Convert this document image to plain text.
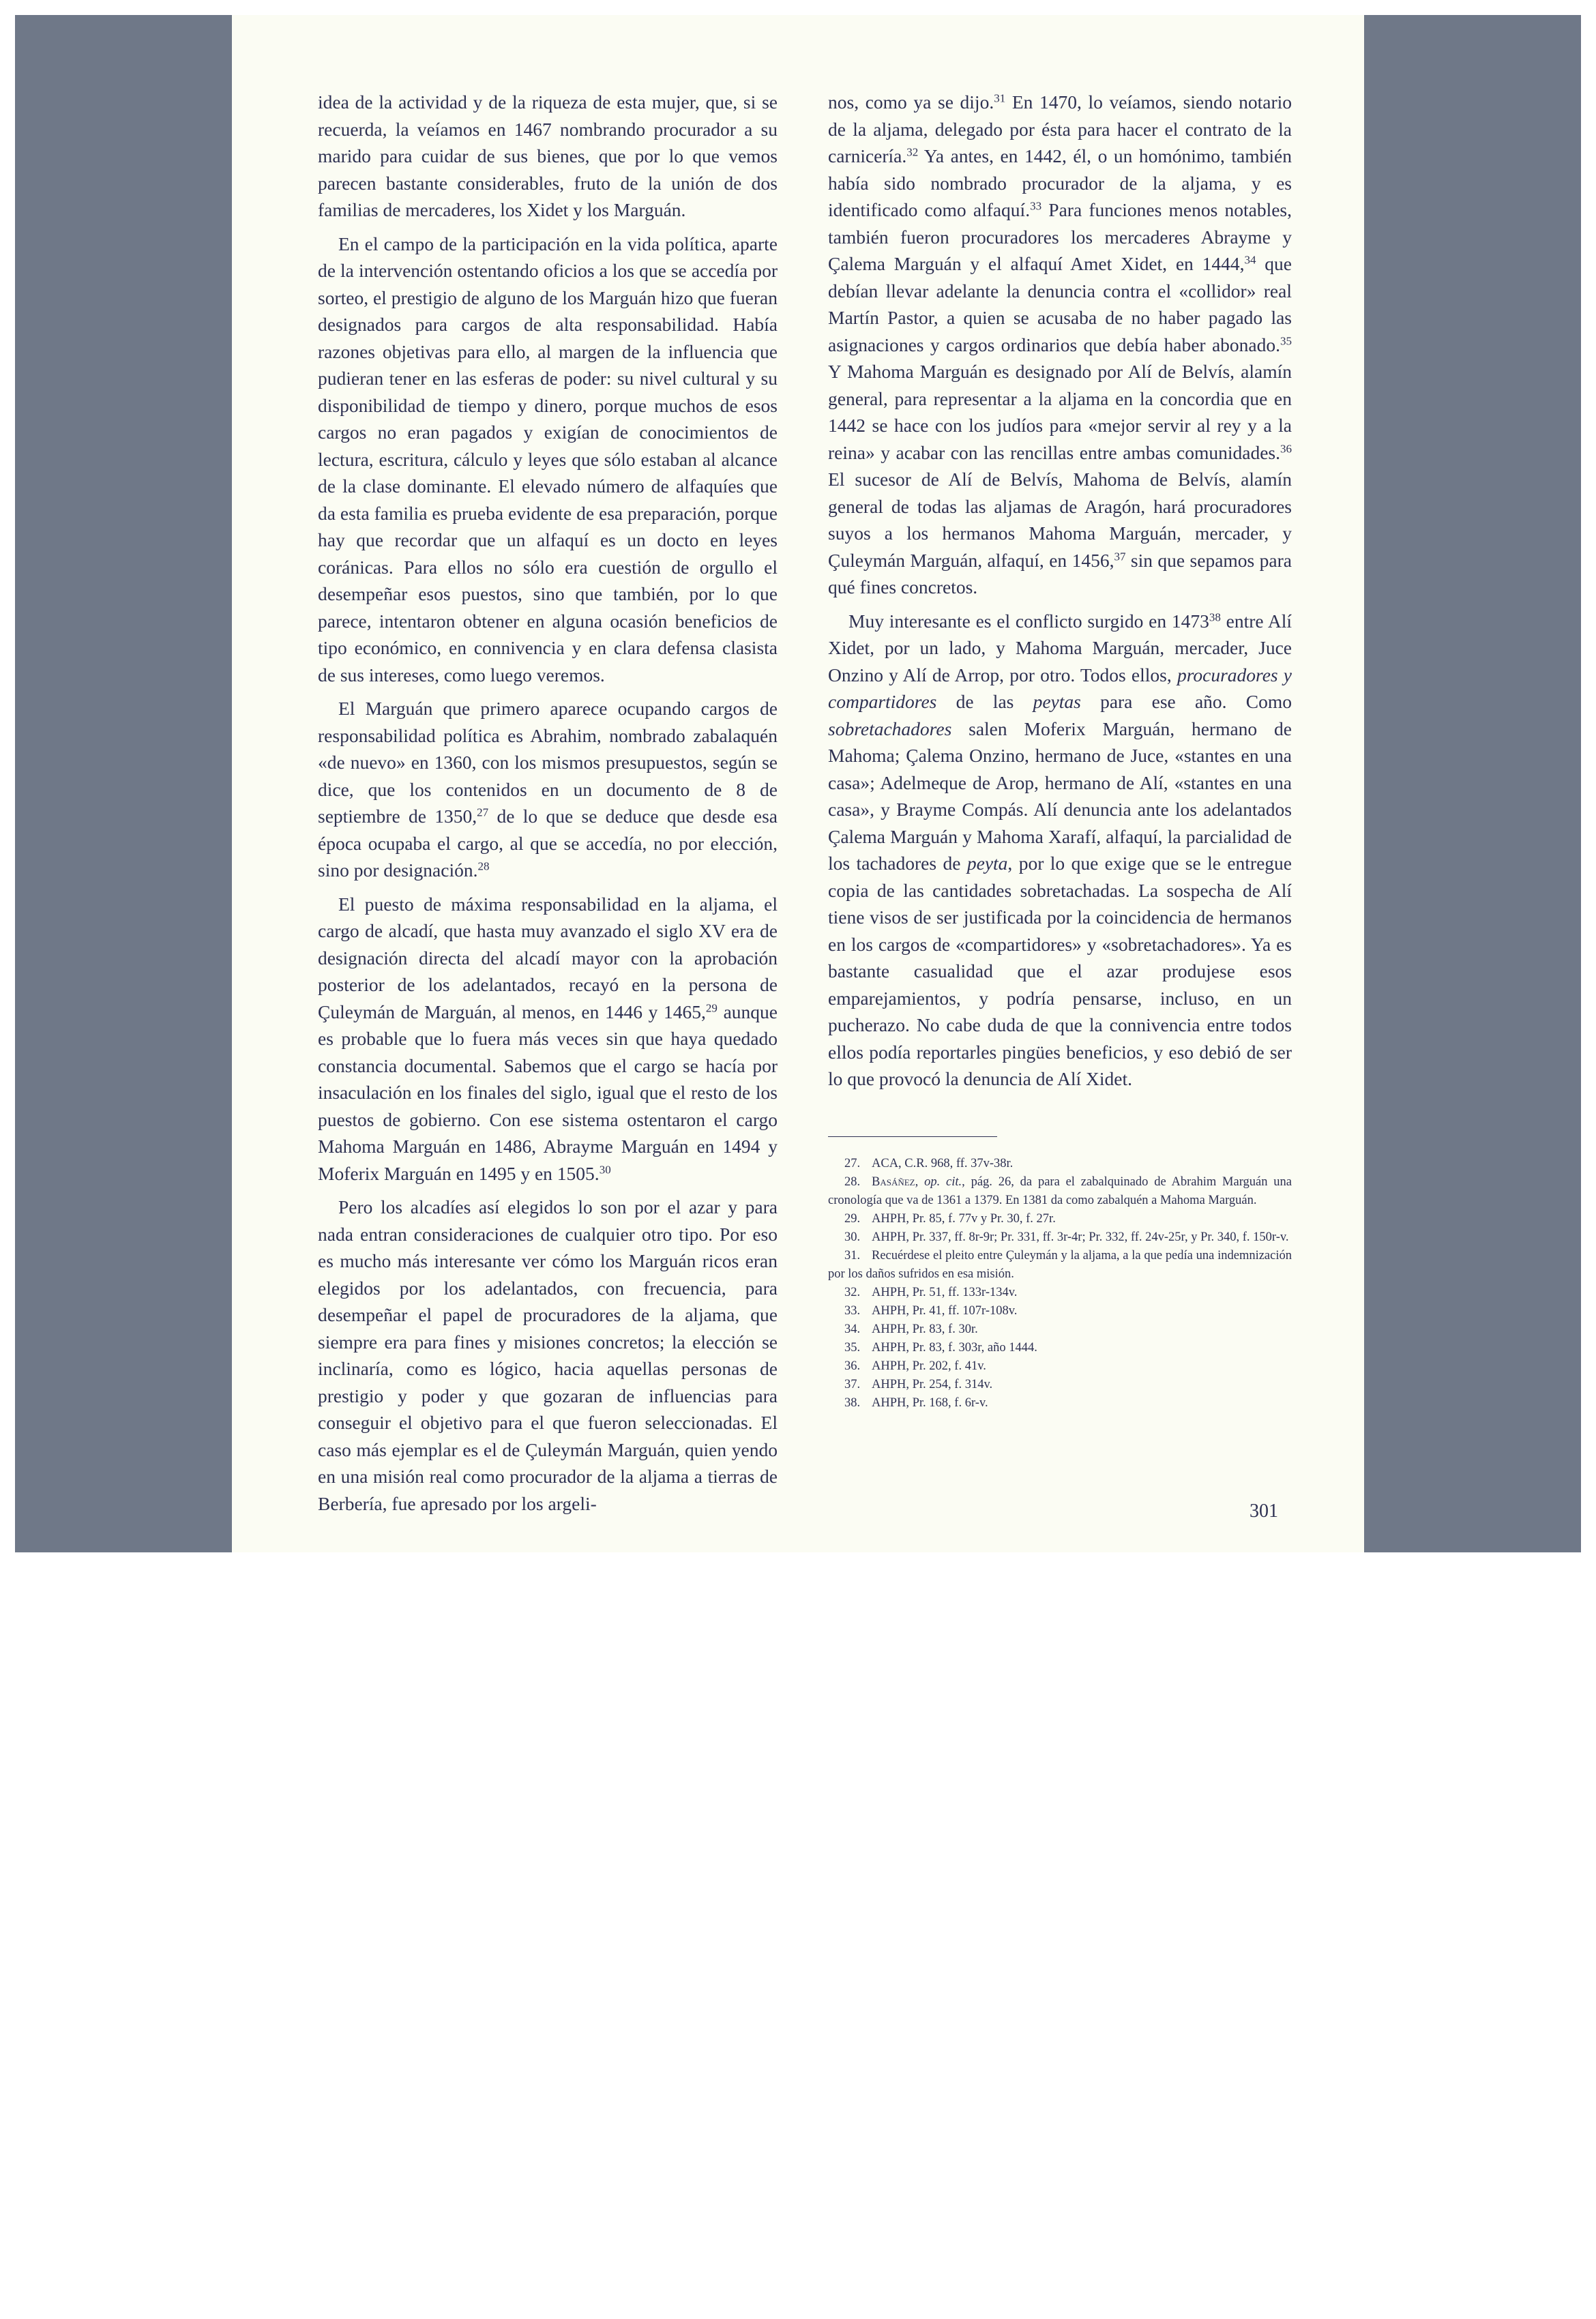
idea de la actividad y de la riqueza de esta mujer, que, si se recuerda, la veíamos en 1467 nombrando procurador a su marido para cuidar de sus bienes, que por lo que vemos parecen bastante considerables, fruto de la unión de dos familias de mercaderes, los Xidet y los Marguán.

En el campo de la participación en la vida política, aparte de la intervención ostentando oficios a los que se accedía por sorteo, el prestigio de alguno de los Marguán hizo que fueran designados para cargos de alta responsabilidad. Había razones objetivas para ello, al margen de la influencia que pudieran tener en las esferas de poder: su nivel cultural y su disponibilidad de tiempo y dinero, porque muchos de esos cargos no eran pagados y exigían de conocimientos de lectura, escritura, cálculo y leyes que sólo estaban al alcance de la clase dominante. El elevado número de alfaquíes que da esta familia es prueba evidente de esa preparación, porque hay que recordar que un alfaquí es un docto en leyes coránicas. Para ellos no sólo era cuestión de orgullo el desempeñar esos puestos, sino que también, por lo que parece, intentaron obtener en alguna ocasión beneficios de tipo económico, en connivencia y en clara defensa clasista de sus intereses, como luego veremos.

El Marguán que primero aparece ocupando cargos de responsabilidad política es Abrahim, nombrado zabalaquén «de nuevo» en 1360, con los mismos presupuestos, según se dice, que los contenidos en un documento de 8 de septiembre de 1350,27 de lo que se deduce que desde esa época ocupaba el cargo, al que se accedía, no por elección, sino por designación.$^{28}$

El puesto de máxima responsabilidad en la aljama, el cargo de alcadí, que hasta muy avanzado el siglo XV era de designación directa del alcadí mayor con la aprobación posterior de los adelantados, recayó en la persona de Çuleymán de Marguán, al menos, en 1446 y 1465,29 aunque es probable que lo fuera más veces sin que haya quedado constancia documental. Sabemos que el cargo se hacía por insaculación en los finales del siglo, igual que el resto de los puestos de gobierno. Con ese sistema ostentaron el cargo Mahoma Marguán en 1486, Abrayme Marguán en 1494 y Moferix Marguán en 1495 y en 1505.30

Pero los alcadíes así elegidos lo son por el azar y para nada entran consideraciones de cualquier otro tipo. Por eso es mucho más interesante ver cómo los Marguán ricos eran elegidos por los adelantados, con frecuencia, para desempeñar el papel de procuradores de la aljama, que siempre era para fines y misiones concretos; la elección se inclinaría, como es lógico, hacia aquellas personas de prestigio y poder y que gozaran de influencias para conseguir el objetivo para el que fueron seleccionadas. El caso más ejemplar es el de Çuleymán Marguán, quien yendo en una misión real como procurador de la aljama a tierras de Berbería, fue apresado por los argeli-

nos, como ya se dijo.$^{31}$ En 1470, lo veíamos, siendo notario de la aljama, delegado por ésta para hacer el contrato de la carnicería.$^{32}$ Ya antes, en 1442, él, o un homónimo, también había sido nombrado procurador de la aljama, y es identificado como alfaquí.$^{33}$ Para funciones menos notables, también fueron procuradores los mercaderes Abrayme y Çalema Marguán y el alfaquí Amet Xidet, en 1444,34 que debían llevar adelante la denuncia contra el «collidor» real Martín Pastor, a quien se acusaba de no haber pagado las asignaciones y cargos ordinarios que debía haber abonado.$^{35}$ Y Mahoma Marguán es designado por Alí de Belvís, alamín general, para representar a la aljama en la concordia que en 1442 se hace con los judíos para «mejor servir al rey y a la reina» y acabar con las rencillas entre ambas comunidades.$^{36}$ El sucesor de Alí de Belvís, Mahoma de Belvís, alamín general de todas las aljamas de Aragón, hará procuradores suyos a los hermanos Mahoma Marguán, mercader, y Çuleymán Marguán, alfaquí, en 1456,37 sin que sepamos para qué fines concretos.

Muy interesante es el conflicto surgido en 1473$^{38}$ entre Alí Xidet, por un lado, y Mahoma Marguán, mercader, Juce Onzino y Alí de Arrop, por otro. Todos ellos, procuradores y compartidores de las peytas para ese año. Como sobretachadores salen Moferix Marguán, hermano de Mahoma; Çalema Onzino, hermano de Juce, «stantes en una casa»; Adelmeque de Arop, hermano de Alí, «stantes en una casa», y Brayme Compás. Alí denuncia ante los adelantados Çalema Marguán y Mahoma Xarafí, alfaquí, la parcialidad de los tachadores de peyta, por lo que exige que se le entregue copia de las cantidades sobretachadas. La sospecha de Alí tiene visos de ser justificada por la coincidencia de hermanos en los cargos de «compartidores» y «sobretachadores». Ya es bastante casualidad que el azar produjese esos emparejamientos, y podría pensarse, incluso, en un pucherazo. No cabe duda de que la connivencia entre todos ellos podía reportarles pingües beneficios, y eso debió de ser lo que provocó la denuncia de Alí Xidet.

27. ACA, C.R. 968, ff. 37v-38r.

28. Basáñez, op. cit., pág. 26, da para el zabalquinado de Abrahim Marguán una cronología que va de 1361 a 1379. En 1381 da como zabalquén a Mahoma Marguán.

29. AHPH, Pr. 85, f. 77v y Pr. 30, f. 27r.

30. AHPH, Pr. 337, ff. 8r-9r; Pr. 331, ff. 3r-4r; Pr. 332, ff. 24v-25r, y Pr. 340, f. 150r-v.

31. Recuérdese el pleito entre Çuleymán y la aljama, a la que pedía una indemnización por los daños sufridos en esa misión.

32. AHPH, Pr. 51, ff. 133r-134v.

33. AHPH, Pr. 41, ff. 107r-108v.

34. AHPH, Pr. 83, f. 30r.

35. AHPH, Pr. 83, f. 303r, año 1444.

36. AHPH, Pr. 202, f. 41v.

37. AHPH, Pr. 254, f. 314v.

38. AHPH, Pr. 168, f. 6r-v.

301
